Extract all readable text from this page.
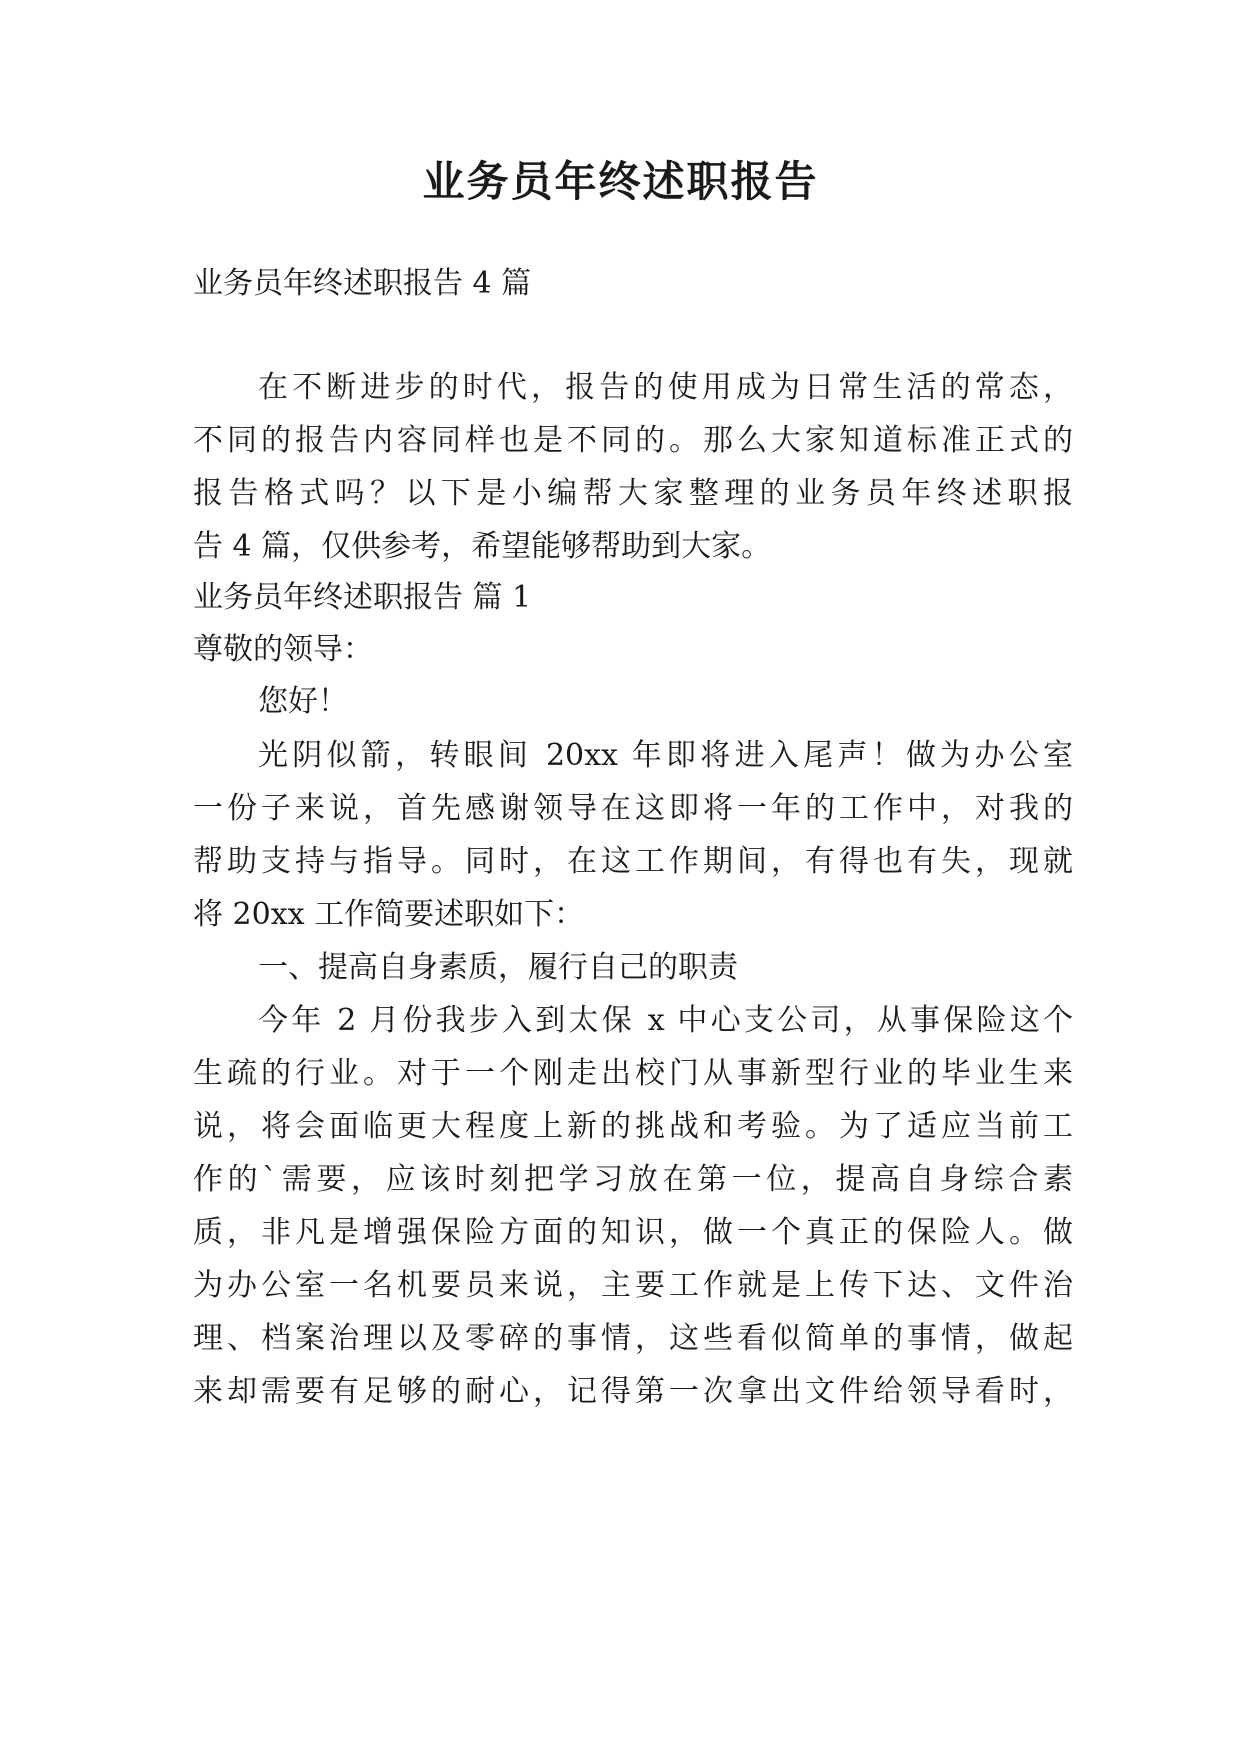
业务员年终述职报告
业务员年终述职报告 4 篇
在不断进步的时代，报告的使用成为日常生活的常态，
不同的报告内容同样也是不同的。那么大家知道标准正式的
报告格式吗？以下是小编帮大家整理的业务员年终述职报
告 4 篇，仅供参考，希望能够帮助到大家。
业务员年终述职报告 篇 1
尊敬的领导：
您好！
光阴似箭，转眼间 20xx 年即将进入尾声！做为办公室
一份子来说，首先感谢领导在这即将一年的工作中，对我的
帮助支持与指导。同时，在这工作期间，有得也有失，现就
将 20xx 工作简要述职如下：
一、提高自身素质，履行自己的职责
今年 2 月份我步入到太保 x 中心支公司，从事保险这个
生疏的行业。对于一个刚走出校门从事新型行业的毕业生来
说，将会面临更大程度上新的挑战和考验。为了适应当前工
作的`需要，应该时刻把学习放在第一位，提高自身综合素
质，非凡是增强保险方面的知识，做一个真正的保险人。做
为办公室一名机要员来说，主要工作就是上传下达、文件治
理、档案治理以及零碎的事情，这些看似简单的事情，做起
来却需要有足够的耐心，记得第一次拿出文件给领导看时，
